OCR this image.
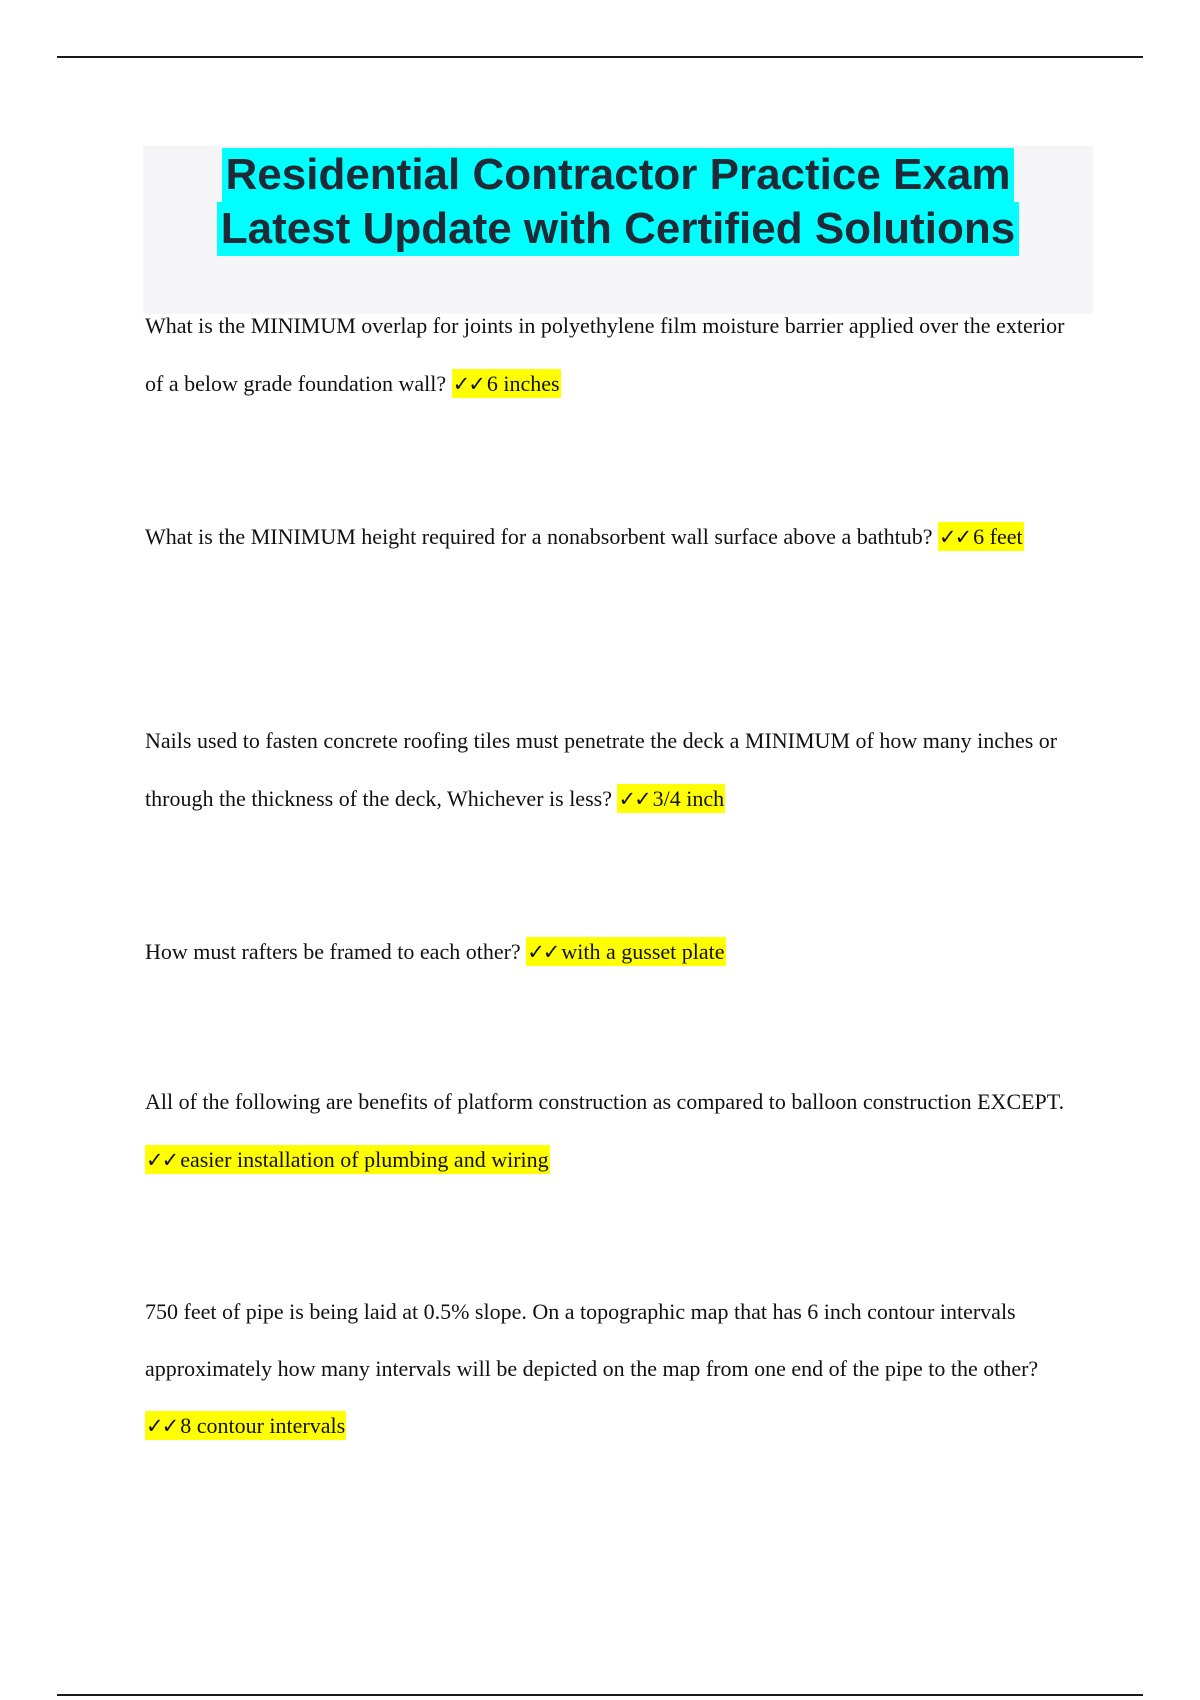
Residential Contractor Practice Exam
Latest Update with Certified Solutions

What is the MINIMUM overlap for joints in polyethylene film moisture barrier applied over the exterior of a below grade foundation wall? ✓✓ 6 inches

What is the MINIMUM height required for a nonabsorbent wall surface above a bathtub? ✓✓ 6 feet

Nails used to fasten concrete roofing tiles must penetrate the deck a MINIMUM of how many inches or through the thickness of the deck, Whichever is less? ✓✓ 3/4 inch

How must rafters be framed to each other? ✓✓ with a gusset plate

All of the following are benefits of platform construction as compared to balloon construction EXCEPT. ✓✓ easier installation of plumbing and wiring

750 feet of pipe is being laid at 0.5% slope. On a topographic map that has 6 inch contour intervals approximately how many intervals will be depicted on the map from one end of the pipe to the other? ✓✓ 8 contour intervals
